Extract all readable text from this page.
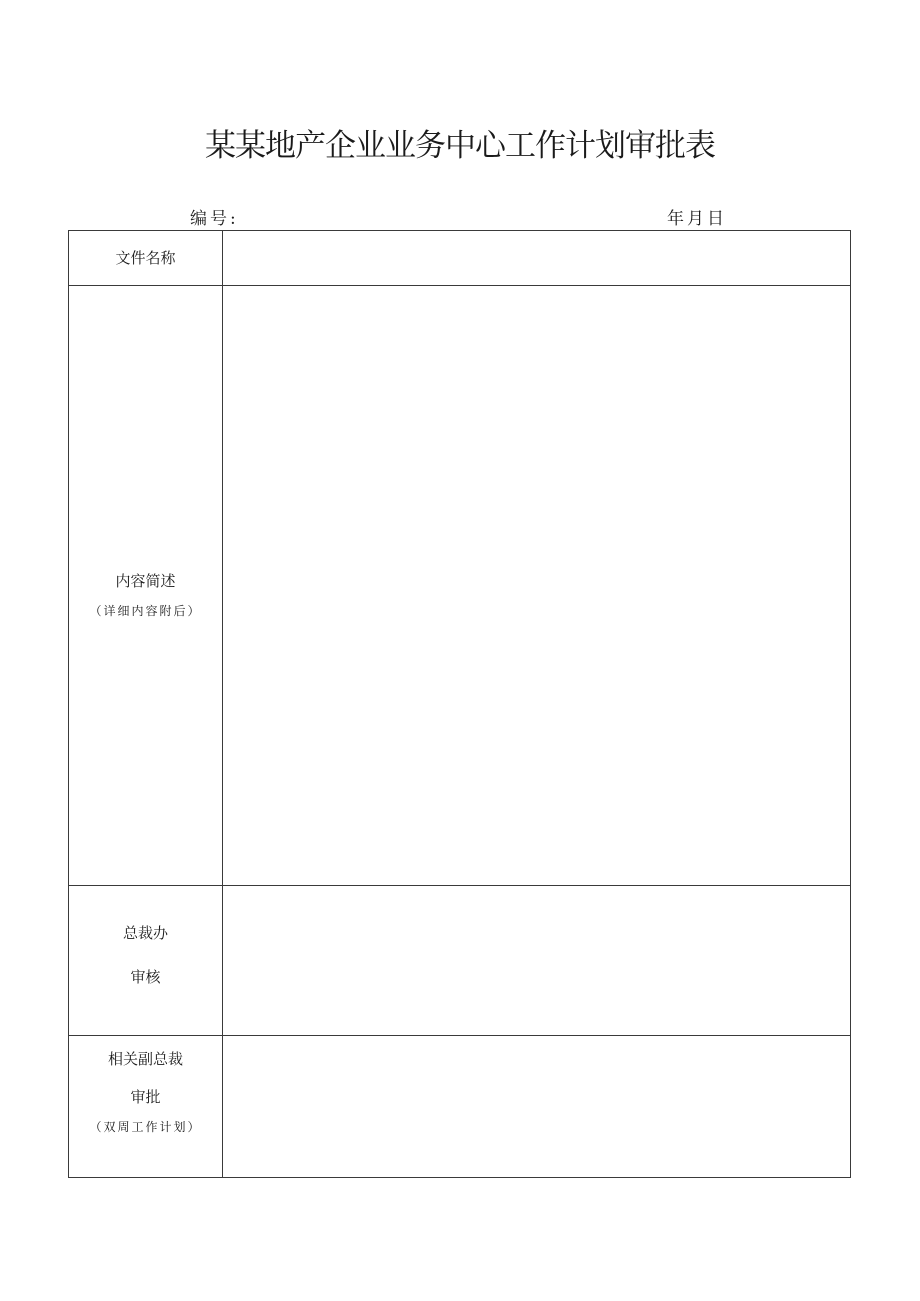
某某地产企业业务中心工作计划审批表
编号:	年月日
文件名称	

内容简述
（详细内容附后）	

总裁办
审核	

相关副总裁
审批
（双周工作计划）	
